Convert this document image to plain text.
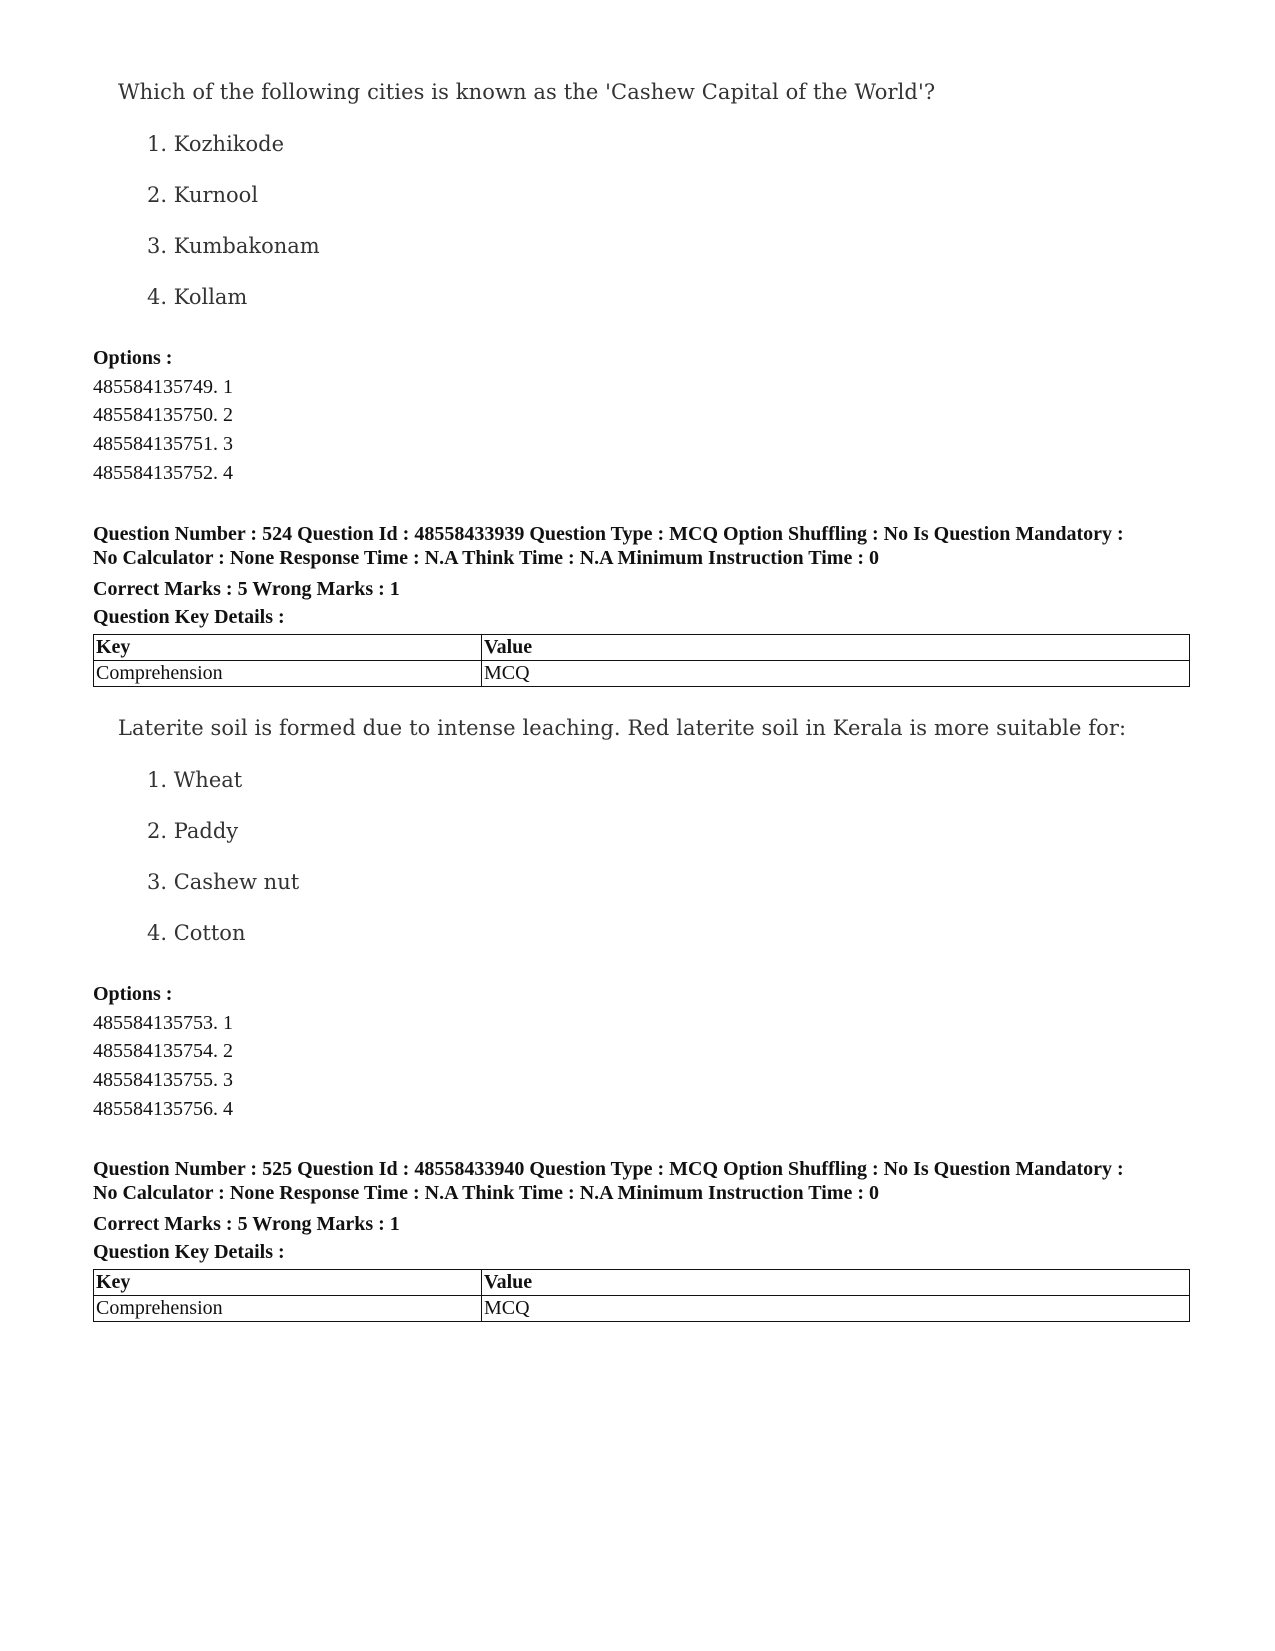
Which of the following cities is known as the 'Cashew Capital of the World'?
1. Kozhikode
2. Kurnool
3. Kumbakonam
4. Kollam
Options :
485584135749. 1
485584135750. 2
485584135751. 3
485584135752. 4
Question Number : 524 Question Id : 48558433939 Question Type : MCQ Option Shuffling : No Is Question Mandatory :
No Calculator : None Response Time : N.A Think Time : N.A Minimum Instruction Time : 0
Correct Marks : 5 Wrong Marks : 1
Question Key Details :
Key	Value
Comprehension	MCQ
Laterite soil is formed due to intense leaching. Red laterite soil in Kerala is more suitable for:
1. Wheat
2. Paddy
3. Cashew nut
4. Cotton
Options :
485584135753. 1
485584135754. 2
485584135755. 3
485584135756. 4
Question Number : 525 Question Id : 48558433940 Question Type : MCQ Option Shuffling : No Is Question Mandatory :
No Calculator : None Response Time : N.A Think Time : N.A Minimum Instruction Time : 0
Correct Marks : 5 Wrong Marks : 1
Question Key Details :
Key	Value
Comprehension	MCQ
